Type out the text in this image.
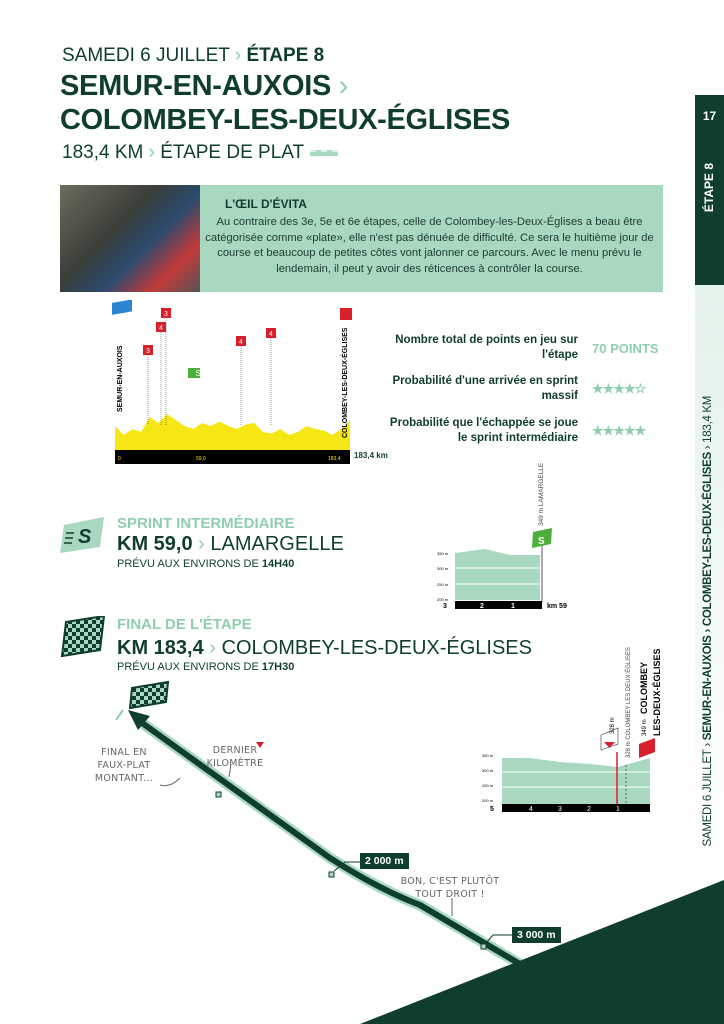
SAMEDI 6 JUILLET › ÉTAPE 8
SEMUR-EN-AUXOIS ›
COLOMBEY-LES-DEUX-ÉGLISES
183,4 KM › ÉTAPE DE PLAT
L'ŒIL D'ÉVITA
Au contraire des 3e, 5e et 6e étapes, celle de Colombey-les-Deux-Églises a beau être catégorisée comme «plate», elle n'est pas dénuée de difficulté. Ce sera le huitième jour de course et beaucoup de petites côtes vont jalonner ce parcours. Avec le menu prévu le lendemain, il peut y avoir des réticences à contrôler la course.
S
SEMUR-EN-AUXOIS	COLOMBEY-LES-DEUX-ÉGLISES
183,4 km
0	59,0	183,4
3
4
3
4
4	Nombre total de points en jeu sur l'étape 70 POINTS
Probabilité d'une arrivée en sprint massif ★★★★☆
Probabilité que l'échappée se joue le sprint intermédiaire ★★★★★
S
SPRINT INTERMÉDIAIRE
KM 59,0 › LAMARGELLE
PRÉVU AUX ENVIRONS DE 14H40
S
349 m LAMARGELLE
350 m
300 m
250 m
200 m
3	2	1	km 59
FINAL DE L'ÉTAPE
KM 183,4 › COLOMBEY-LES-DEUX-ÉGLISES
PRÉVU AUX ENVIRONS DE 17H30
328 m 328 m COLOMBEY LES DEUX ÉGLISES 349 m
COLOMBEY LES-DEUX-ÉGLISES
350 m
300 m
250 m
200 m
5	4	3	2	1
FINAL EN FAUX-PLAT MONTANT...
DERNIER KILOMÈTRE
BON, C'EST PLUTÔT TOUT DROIT !
2 000 m
3 000 m
17
ÉTAPE 8
SAMEDI 6 JUILLET › SEMUR-EN-AUXOIS › COLOMBEY-LES-DEUX-ÉGLISES › 183,4 KM
